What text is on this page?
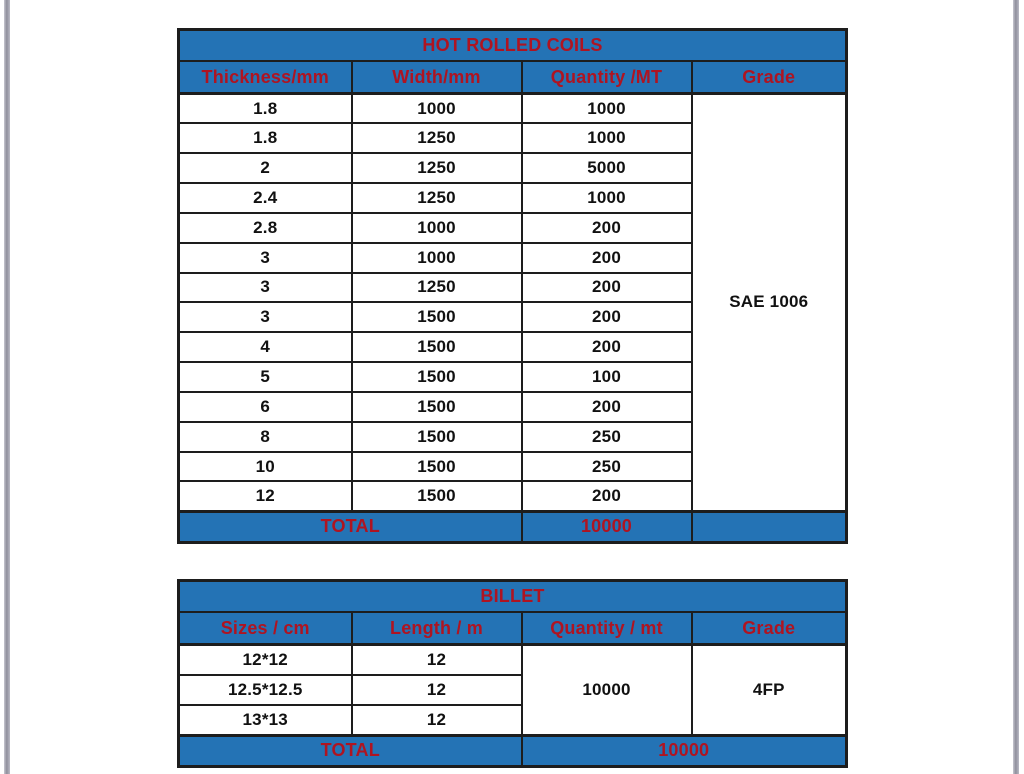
HOT ROLLED COILS			
Thickness/mm	Width/mm	Quantity /MT	Grade
1.8	1000	1000	SAE 1006
1.8	1250	1000	
2	1250	5000	
2.4	1250	1000	
2.8	1000	200	
3	1000	200	
3	1250	200	
3	1500	200	
4	1500	200	
5	1500	100	
6	1500	200	
8	1500	250	
10	1500	250	
12	1500	200	
TOTAL		10000	
BILLET			
Sizes / cm	Length / m	Quantity / mt	Grade
12*12	12	10000	4FP
12.5*12.5	12		
13*13	12		
TOTAL		10000	
